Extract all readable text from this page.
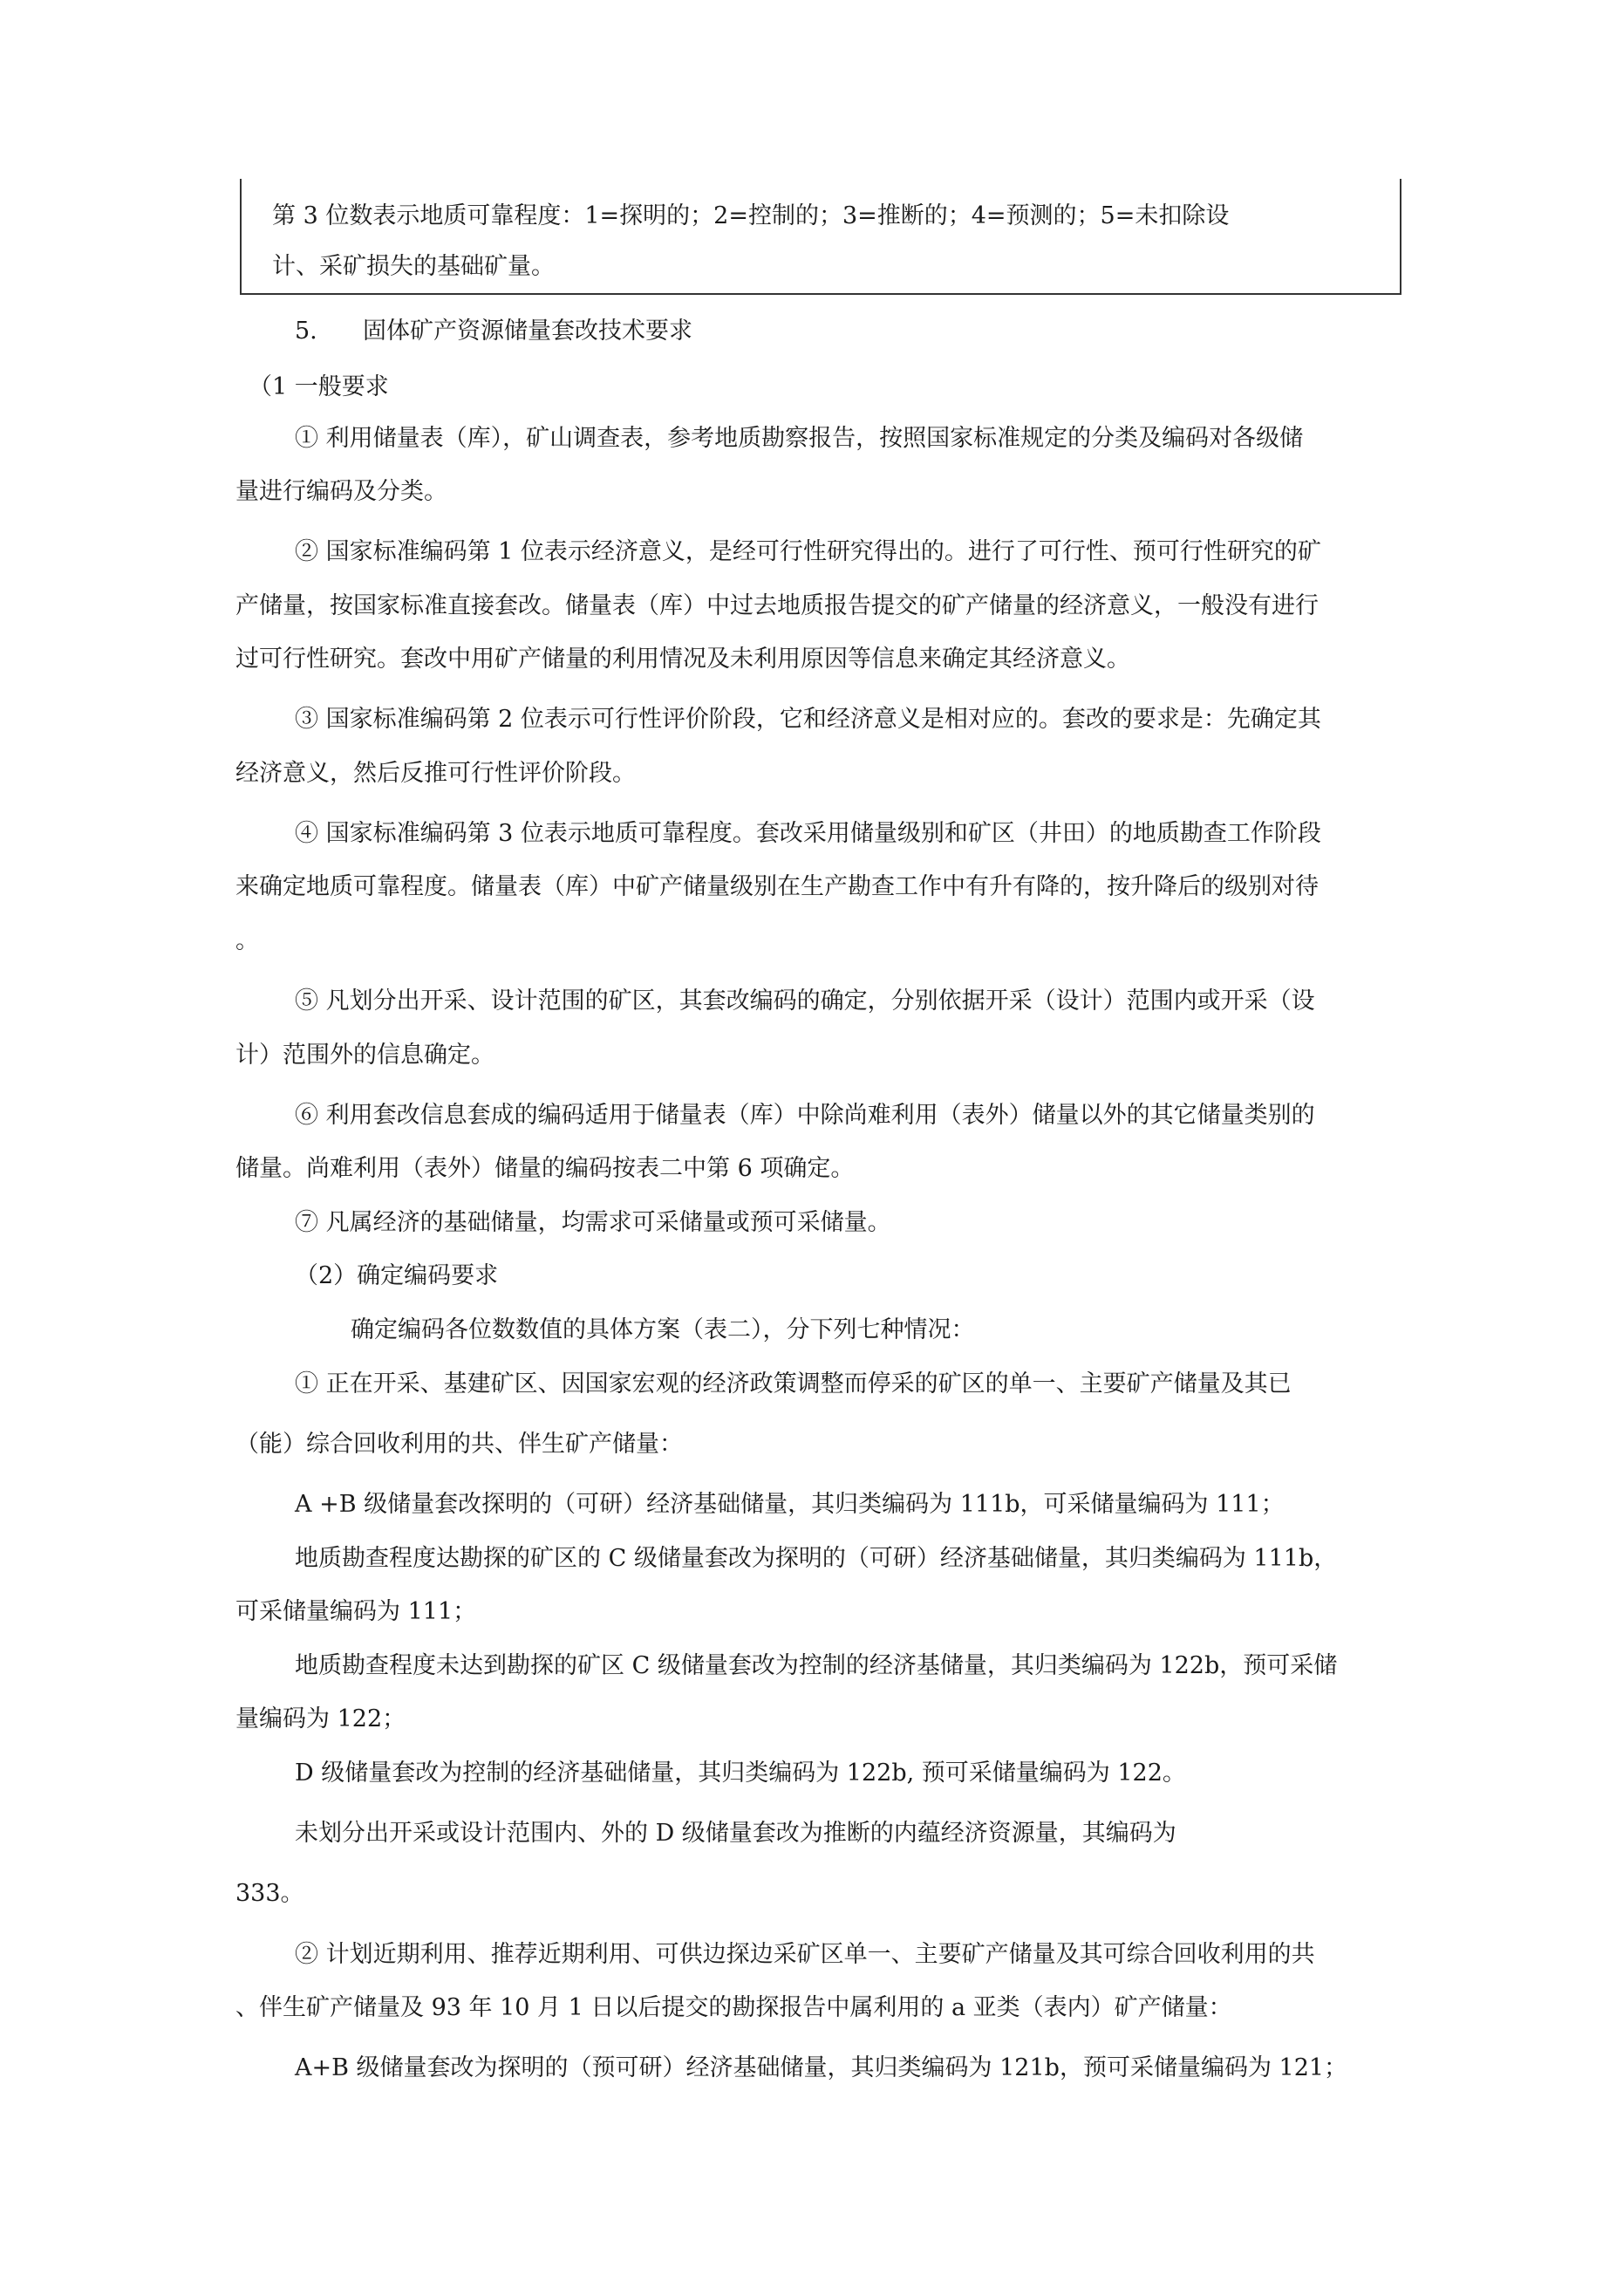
第 3 位数表示地质可靠程度：1=探明的；2=控制的；3=推断的；4=预测的；5=未扣除设
计、采矿损失的基础矿量。
5. 固体矿产资源储量套改技术要求
（1 一般要求
① 利用储量表（库），矿山调查表，参考地质勘察报告，按照国家标准规定的分类及编码对各级储
量进行编码及分类。
② 国家标准编码第 1 位表示经济意义，是经可行性研究得出的。进行了可行性、预可行性研究的矿
产储量，按国家标准直接套改。储量表（库）中过去地质报告提交的矿产储量的经济意义，一般没有进行
过可行性研究。套改中用矿产储量的利用情况及未利用原因等信息来确定其经济意义。
③ 国家标准编码第 2 位表示可行性评价阶段，它和经济意义是相对应的。套改的要求是：先确定其
经济意义，然后反推可行性评价阶段。
④ 国家标准编码第 3 位表示地质可靠程度。套改采用储量级别和矿区（井田）的地质勘查工作阶段
来确定地质可靠程度。储量表（库）中矿产储量级别在生产勘查工作中有升有降的，按升降后的级别对待
。
⑤ 凡划分出开采、设计范围的矿区，其套改编码的确定，分别依据开采（设计）范围内或开采（设
计）范围外的信息确定。
⑥ 利用套改信息套成的编码适用于储量表（库）中除尚难利用（表外）储量以外的其它储量类别的
储量。尚难利用（表外）储量的编码按表二中第 6 项确定。
⑦ 凡属经济的基础储量，均需求可采储量或预可采储量。
（2）确定编码要求
确定编码各位数数值的具体方案（表二），分下列七种情况：
① 正在开采、基建矿区、因国家宏观的经济政策调整而停采的矿区的单一、主要矿产储量及其已
（能）综合回收利用的共、伴生矿产储量：
A +B 级储量套改探明的（可研）经济基础储量，其归类编码为 111b，可采储量编码为 111；
地质勘查程度达勘探的矿区的 C 级储量套改为探明的（可研）经济基础储量，其归类编码为 111b，
可采储量编码为 111；
地质勘查程度未达到勘探的矿区 C 级储量套改为控制的经济基储量，其归类编码为 122b，预可采储
量编码为 122；
D 级储量套改为控制的经济基础储量，其归类编码为 122b, 预可采储量编码为 122。
未划分出开采或设计范围内、外的 D 级储量套改为推断的内蕴经济资源量，其编码为
333。
② 计划近期利用、推荐近期利用、可供边探边采矿区单一、主要矿产储量及其可综合回收利用的共
、伴生矿产储量及 93 年 10 月 1 日以后提交的勘探报告中属利用的 a 亚类（表内）矿产储量：
A+B 级储量套改为探明的（预可研）经济基础储量，其归类编码为 121b，预可采储量编码为 121；
